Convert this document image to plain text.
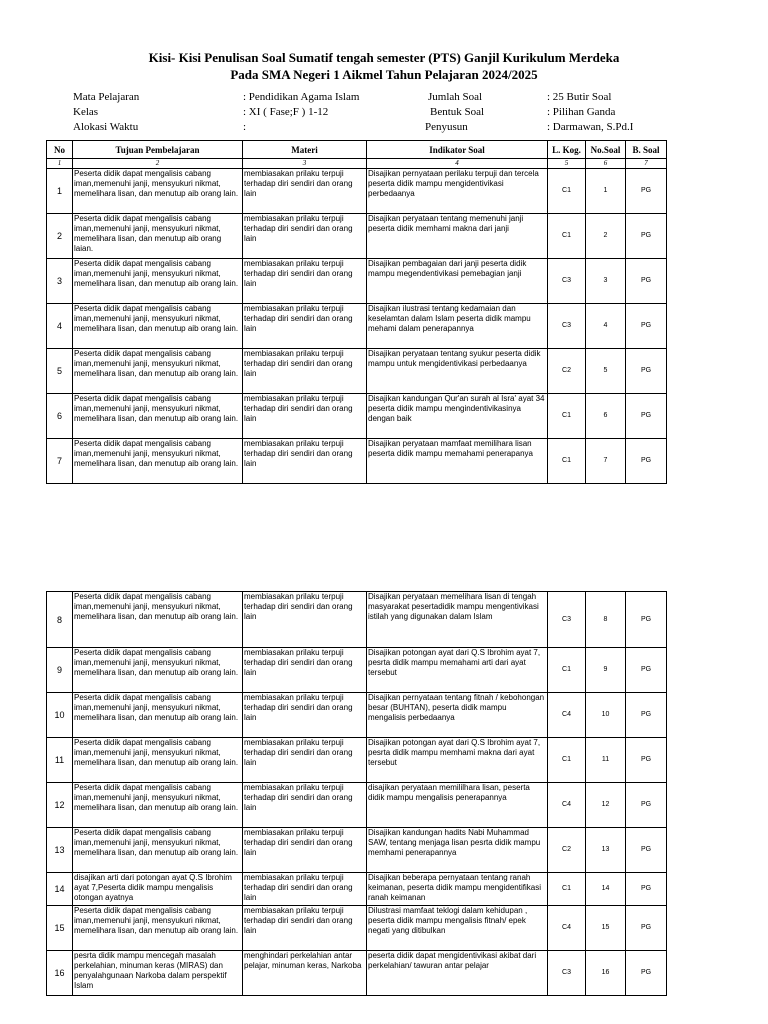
Kisi- Kisi Penulisan Soal Sumatif tengah semester (PTS) Ganjil Kurikulum Merdeka
Pada SMA Negeri 1 Aikmel Tahun Pelajaran 2024/2025
Mata Pelajaran	: Pendidikan Agama Islam
Kelas	: XI ( Fase;F ) 1-12
Alokasi Waktu	:
Jumlah Soal	: 25 Butir Soal
Bentuk Soal	: Pilihan Ganda
Penyusun	: Darmawan, S.Pd.I
No	Tujuan Pembelajaran	Materi	Indikator Soal	L. Kog.	No.Soal	B. Soal
1	2	3	4	5	6	7
1	Peserta didik dapat mengalisis cabang iman,memenuhi janji, mensyukuri nikmat, memelihara lisan, dan menutup aib orang lain.	membiasakan prilaku terpuji terhadap diri sendiri dan orang lain	Disajikan pernyataan perilaku terpuji dan tercela peserta didik mampu mengidentivikasi perbedaanya	C1	1	PG
2	Peserta didik dapat mengalisis cabang iman,memenuhi janji, mensyukuri nikmat, memelihara lisan, dan menutup aib orang laian.	membiasakan prilaku terpuji terhadap diri sendiri dan orang lain	Disajikan peryataan tentang memenuhi janji peserta didik memhami makna dari janji	C1	2	PG
3	Peserta didik dapat mengalisis cabang iman,memenuhi janji, mensyukuri nikmat, memelihara lisan, dan menutup aib orang lain.	membiasakan prilaku terpuji terhadap diri sendiri dan orang lain	Disajikan pembagaian dari janji peserta didik mampu megendentivikasi pemebagian janji	C3	3	PG
4	Peserta didik dapat mengalisis cabang iman,memenuhi janji, mensyukuri nikmat, memelihara lisan, dan menutup aib orang lain.	membiasakan prilaku terpuji terhadap diri sendiri dan orang lain	Disajikan ilustrasi tentang kedamaian dan keselamtan dalam Islam peserta didik mampu mehami dalam penerapannya	C3	4	PG
5	Peserta didik dapat mengalisis cabang iman,memenuhi janji, mensyukuri nikmat, memelihara lisan, dan menutup aib orang lain.	membiasakan prilaku terpuji terhadap diri sendiri dan orang lain	Disajikan peryataan tentang syukur peserta didik mampu untuk mengidentivikasi perbedaanya	C2	5	PG
6	Peserta didik dapat mengalisis cabang iman,memenuhi janji, mensyukuri nikmat, memelihara lisan, dan menutup aib orang lain.	membiasakan prilaku terpuji terhadap diri sendiri dan orang lain	Disajikan kandungan Qur'an surah al Isra' ayat 34 peserta didik mampu mengindentivikasinya dengan baik	C1	6	PG
7	Peserta didik dapat mengalisis cabang iman,memenuhi janji, mensyukuri nikmat, memelihara lisan, dan menutup aib orang lain.	membiasakan prilaku terpuji terhadap diri sendiri dan orang lain	Disajikan peryataan mamfaat memilihara lisan peserta didik mampu memahami penerapanya	C1	7	PG
8	Peserta didik dapat mengalisis cabang iman,memenuhi janji, mensyukuri nikmat, memelihara lisan, dan menutup aib orang lain.	membiasakan prilaku terpuji terhadap diri sendiri dan orang lain	Disajikan peryataan memelihara lisan di tengah masyarakat pesertadidik mampu mengentivikasi istilah yang digunakan dalam Islam	C3	8	PG
9	Peserta didik dapat mengalisis cabang iman,memenuhi janji, mensyukuri nikmat, memelihara lisan, dan menutup aib orang lain.	membiasakan prilaku terpuji terhadap diri sendiri dan orang lain	Disajikan potongan ayat dari Q.S Ibrohim ayat 7, pesrta didik mampu memahami arti dari ayat tersebut	C1	9	PG
10	Peserta didik dapat mengalisis cabang iman,memenuhi janji, mensyukuri nikmat, memelihara lisan, dan menutup aib orang lain.	membiasakan prilaku terpuji terhadap diri sendiri dan orang lain	Disajikan pernyataan tentang fitnah / kebohongan besar (BUHTAN), peserta didik mampu mengalisis perbedaanya	C4	10	PG
11	Peserta didik dapat mengalisis cabang iman,memenuhi janji, mensyukuri nikmat, memelihara lisan, dan menutup aib orang lain.	membiasakan prilaku terpuji terhadap diri sendiri dan orang lain	Disajikan potongan ayat dari Q.S Ibrohim ayat 7, pesrta didik mampu memhami makna dari ayat tersebut	C1	11	PG
12	Peserta didik dapat mengalisis cabang iman,memenuhi janji, mensyukuri nikmat, memelihara lisan, dan menutup aib orang lain.	membiasakan prilaku terpuji terhadap diri sendiri dan orang lain	disajikan peryataan memililhara lisan, peserta didik mampu mengalisis penerapannya	C4	12	PG
13	Peserta didik dapat mengalisis cabang iman,memenuhi janji, mensyukuri nikmat, memelihara lisan, dan menutup aib orang lain.	membiasakan prilaku terpuji terhadap diri sendiri dan orang lain	Disajikan kandungan hadits Nabi Muhammad SAW, tentang menjaga lisan pesrta didik mampu memhami penerapannya	C2	13	PG
14	disajikan arti dari potongan ayat Q.S Ibrohim ayat 7,Peserta didik mampu mengalisis otongan ayatnya	membiasakan prilaku terpuji terhadap diri sendiri dan orang lain	Disajikan beberapa pernyataan tentang ranah keimanan, peserta didik mampu mengidentifikasi ranah keimanan	C1	14	PG
15	Peserta didik dapat mengalisis cabang iman,memenuhi janji, mensyukuri nikmat, memelihara lisan, dan menutup aib orang lain.	membiasakan prilaku terpuji terhadap diri sendiri dan orang lain	Dilustrasi mamfaat teklogi dalam kehidupan , peserta didik mampu mengalisis fitnah/ epek negati yang ditibulkan	C4	15	PG
16	pesrta didik mampu mencegah masalah perkelahian, minuman keras (MIRAS) dan penyalahgunaan Narkoba dalam perspektif Islam	menghindari perkelahian antar pelajar, minuman keras, Narkoba	peserta didik dapat mengidentivikasi akibat dari perkelahian/ tawuran antar pelajar	C3	16	PG
